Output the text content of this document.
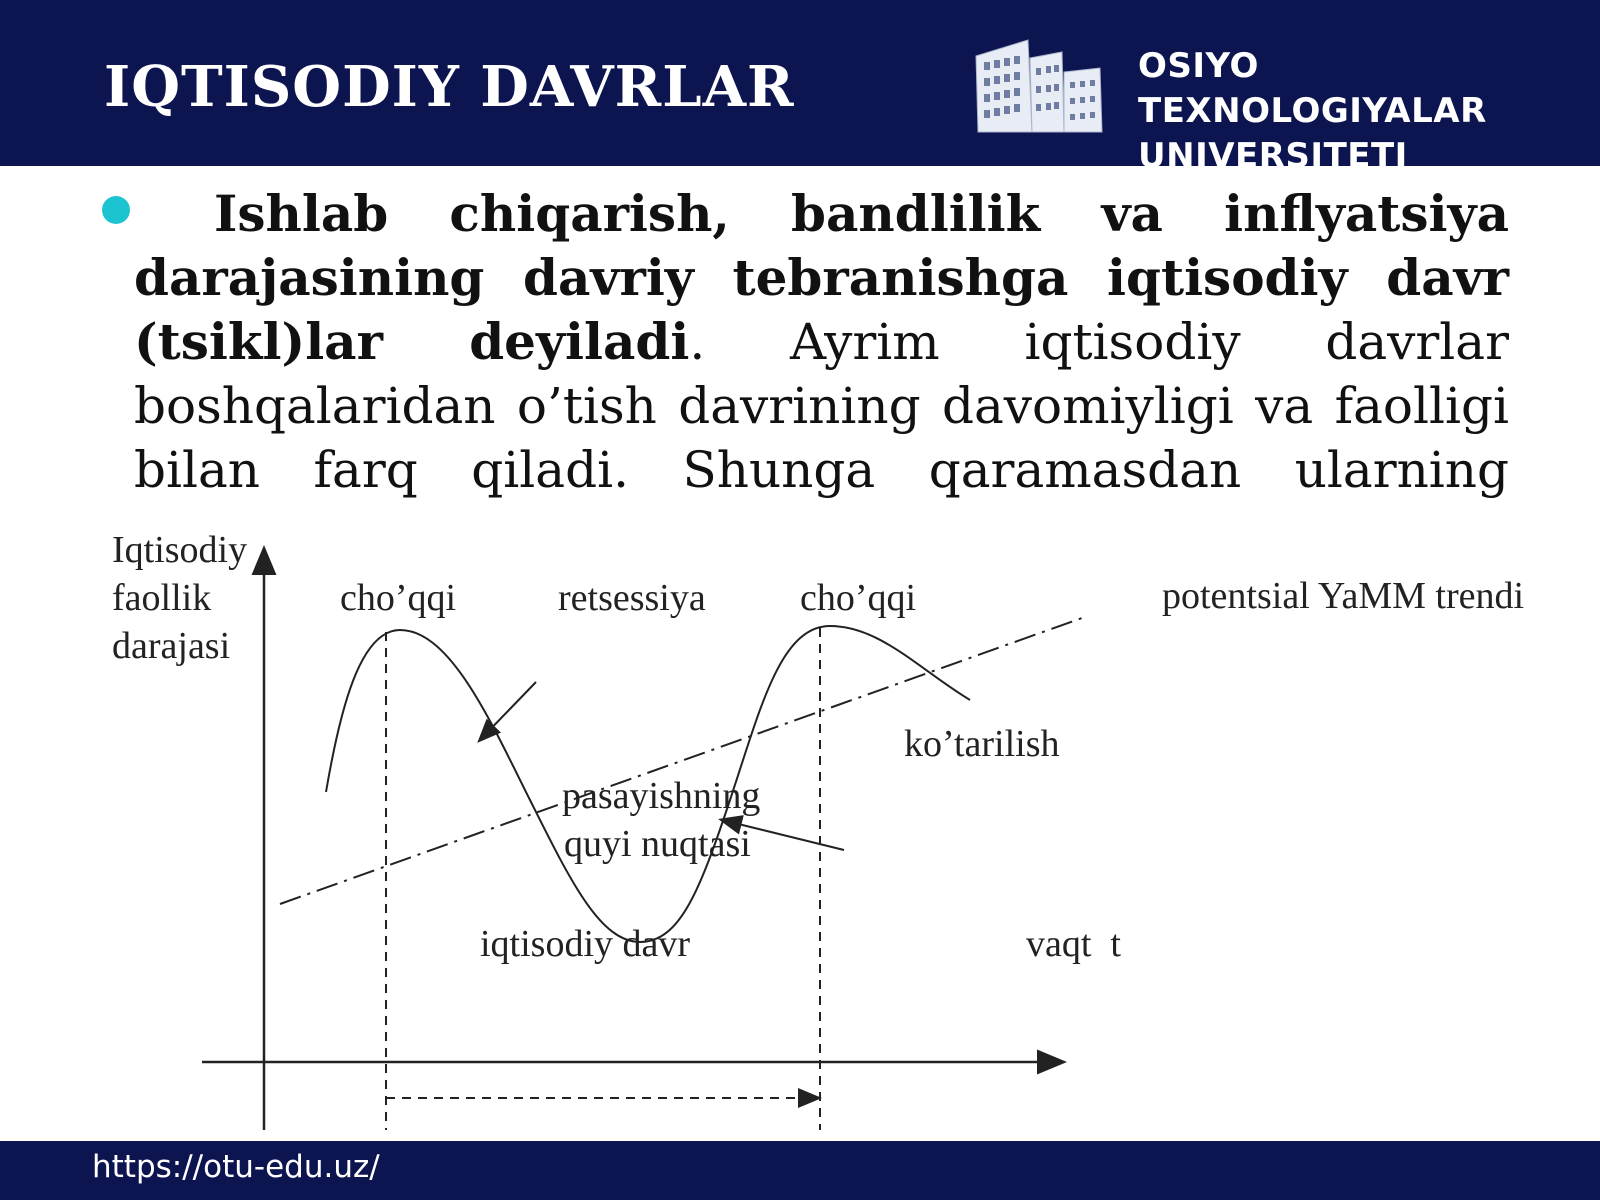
IQTISODIY DAVRLAR	OSIYO TEXNOLOGIYALAR
UNIVERSITETI
Ishlab chiqarish, bandlilik va inflyatsiya darajasining davriy tebranishga iqtisodiy davr (tsikl)lar deyiladi. Ayrim iqtisodiy davrlar boshqalaridan o’tish davrining davomiyligi va faolligi bilan farq qiladi. Shunga qaramasdan ularning
Iqtisodiy
faollik
darajasi
cho’qqi	retsessiya cho’qqi	potentsial YaMM trendi
ko’tarilish
pasayishning
quyi nuqtasi
iqtisodiy davr	vaqt  t
https://otu-edu.uz/
